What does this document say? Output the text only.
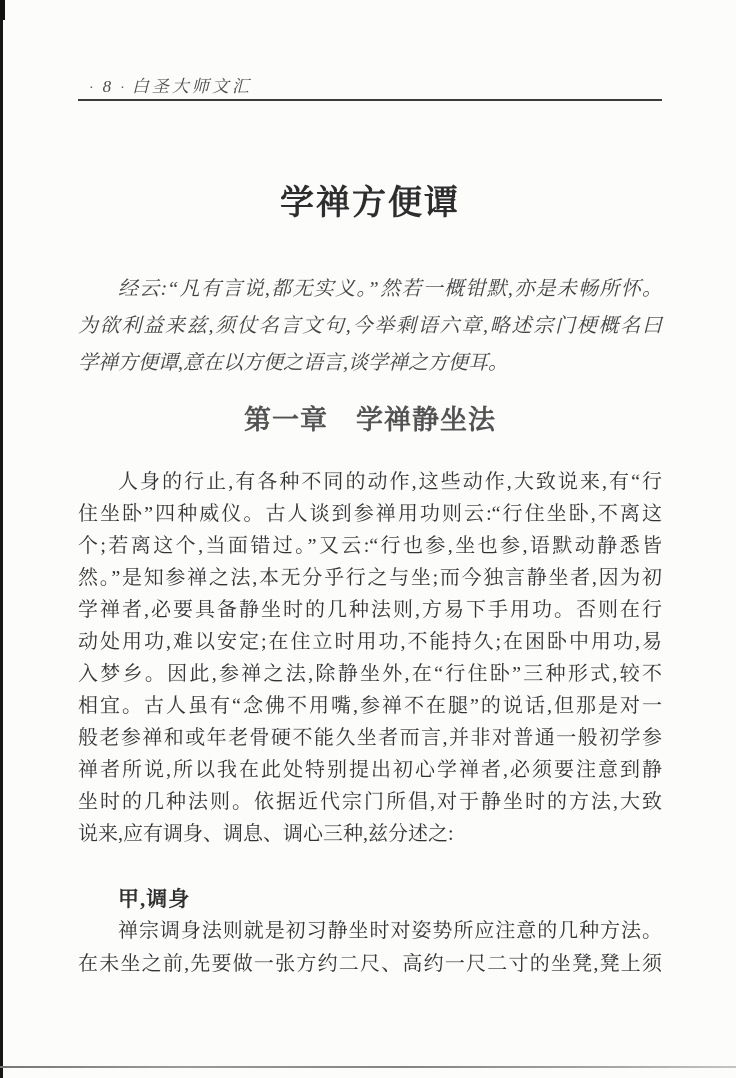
· 8 · 白圣大师文汇
学禅方便谭
经云:“凡有言说,都无实义。”然若一概钳默,亦是未畅所怀。
为欲利益来兹,须仗名言文句,今举剩语六章,略述宗门梗概名曰
学禅方便谭,意在以方便之语言,谈学禅之方便耳。
第一章　学禅静坐法
人身的行止,有各种不同的动作,这些动作,大致说来,有“行
住坐卧”四种威仪。古人谈到参禅用功则云:“行住坐卧,不离这
个;若离这个,当面错过。”又云:“行也参,坐也参,语默动静悉皆
然。”是知参禅之法,本无分乎行之与坐;而今独言静坐者,因为初
学禅者,必要具备静坐时的几种法则,方易下手用功。否则在行
动处用功,难以安定;在住立时用功,不能持久;在困卧中用功,易
入梦乡。因此,参禅之法,除静坐外,在“行住卧”三种形式,较不
相宜。古人虽有“念佛不用嘴,参禅不在腿”的说话,但那是对一
般老参禅和或年老骨硬不能久坐者而言,并非对普通一般初学参
禅者所说,所以我在此处特别提出初心学禅者,必须要注意到静
坐时的几种法则。依据近代宗门所倡,对于静坐时的方法,大致
说来,应有调身、调息、调心三种,兹分述之:
甲,调身
禅宗调身法则就是初习静坐时对姿势所应注意的几种方法。
在未坐之前,先要做一张方约二尺、高约一尺二寸的坐凳,凳上须
